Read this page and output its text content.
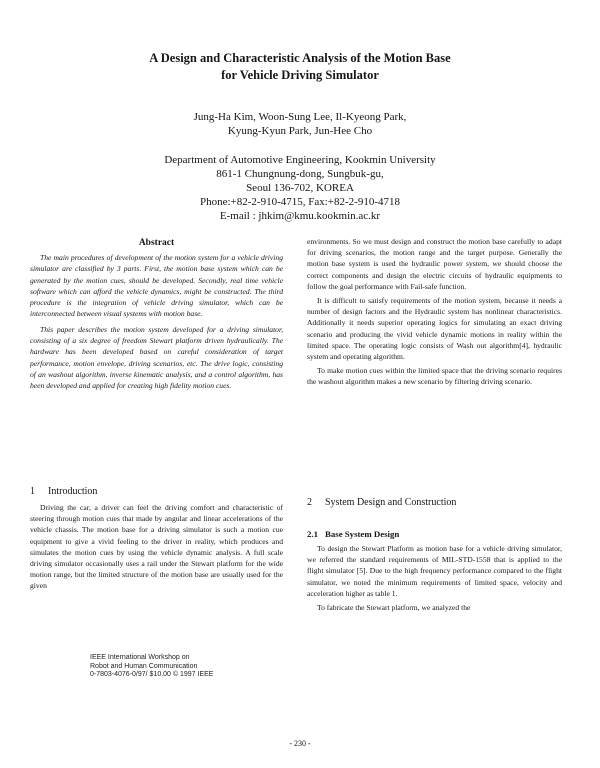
A Design and Characteristic Analysis of the Motion Base
for Vehicle Driving Simulator
Jung-Ha Kim, Woon-Sung Lee, Il-Kyeong Park,
Kyung-Kyun Park, Jun-Hee Cho
Department of Automotive Engineering, Kookmin University
861-1 Chungnung-dong, Sungbuk-gu,
Seoul 136-702, KOREA
Phone:+82-2-910-4715, Fax:+82-2-910-4718
E-mail : jhkim@kmu.kookmin.ac.kr
Abstract

The main procedures of development of the motion system for a vehicle driving simulator are classified by 3 parts. First, the motion base system which can be generated by the motion cues, should be developed. Secondly, real time vehicle software which can afford the vehicle dynamics, might be constructed. The third procedure is the integration of vehicle driving simulator, which can be interconnected between visual systems with motion base.

This paper describes the motion system developed for a driving simulator, consisting of a six degree of freedom Stewart platform driven hydraulically. The hardware has been developed based on careful consideration of target performance, motion envelope, driving scenarios, etc. The drive logic, consisting of an washout algorithm, inverse kinematic analysis, and a control algorithm, has been developed and applied for creating high fidelity motion cues.

1 Introduction

Driving the car, a driver can feel the driving comfort and characteristic of steering through motion cues that made by angular and linear accelerations of the vehicle chassis. The motion base for a driving simulator is such a motion cue equipment to give a vivid feeling to the driver in reality, which produces and simulates the motion cues by using the vehicle dynamic analysis. A full scale driving simulator occasionally uses a rail under the Stewart platform for the wide motion range, but the limited structure of the motion base are usually used for the given

IEEE International Workshop on
Robot and Human Communication
0-7803-4076-0/97/ $10.00 © 1997 IEEE

environments. So we must design and construct the motion base carefully to adapt for driving scenarios, the motion range and the target purpose. Generally the motion base system is used the hydraulic power system, we should choose the correct components and design the electric circuits of hydraulic equipments to follow the goal performance with Fail-safe function.

It is difficult to satisfy requirements of the motion system, because it needs a number of design factors and the Hydraulic system has nonlinear characteristics. Additionally it needs superior operating logics for simulating an exact driving scenario and producing the vivid vehicle dynamic motions in reality within the limited space. The operating logic consists of Wash out algorithm[4], hydraulic system and operating algorithm.

To make motion cues within the limited space that the driving scenario requires the washout algorithm makes a new scenario by filtering driving scenario.

2 System Design and Construction
2.1 Base System Design

To design the Stewart Platform as motion base for a vehicle driving simulator, we referred the standard requirements of MIL-STD-1558 that is applied to the flight simulator [5]. Due to the high frequency performance compared to the flight simulator, we noted the minimum requirements of limited space, velocity and acceleration higher as table 1.

To fabricate the Stewart platform, we analyzed the

- 230 -
